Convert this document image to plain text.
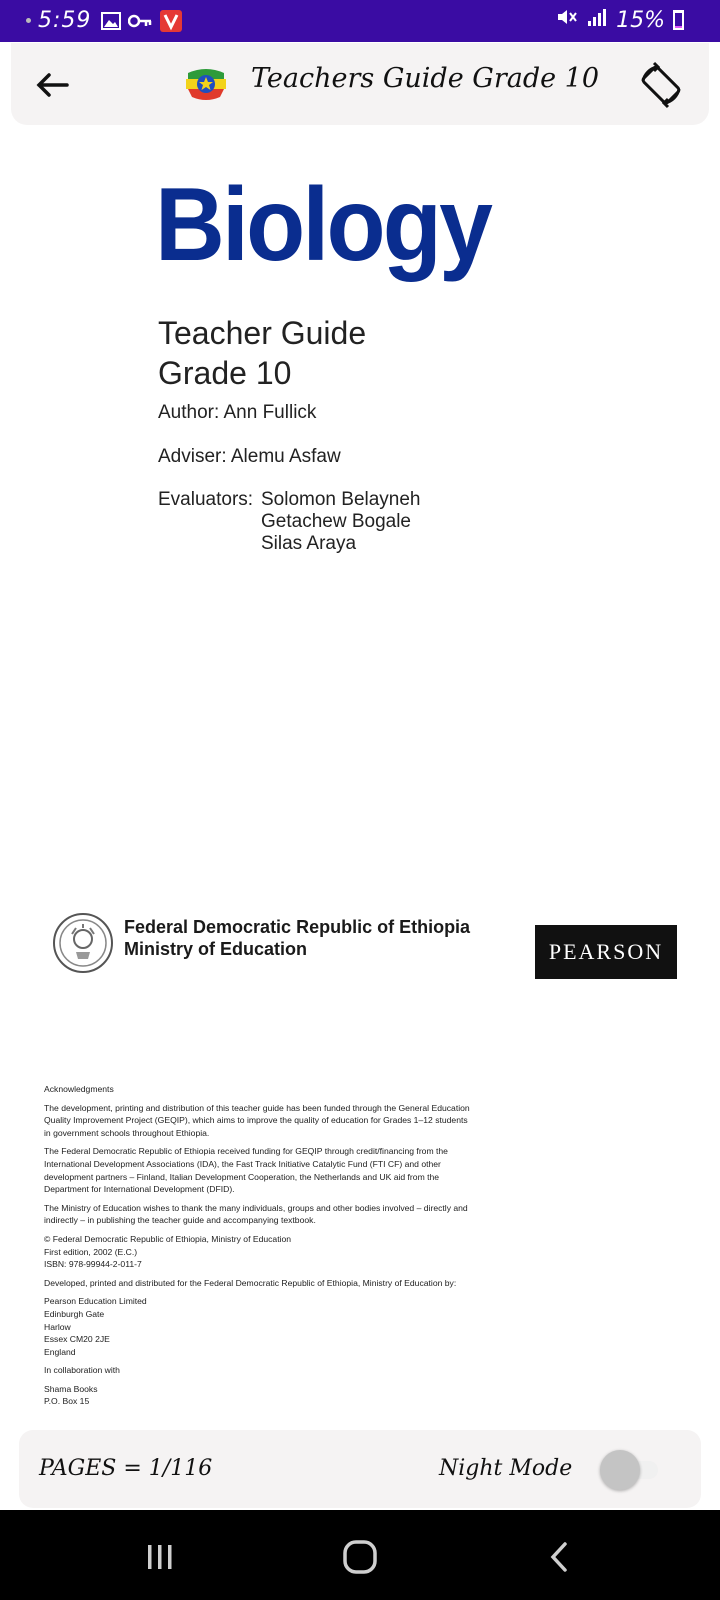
5:59	15%
Teachers Guide Grade 10
Biology
Teacher Guide
Grade 10
Author: Ann Fullick
Adviser: Alemu Asfaw
Evaluators: Solomon Belayneh
Getachew Bogale
Silas Araya
Federal Democratic Republic of Ethiopia
Ministry of Education	PEARSON

Acknowledgments

The development, printing and distribution of this teacher guide has been funded through the General Education
Quality Improvement Project (GEQIP), which aims to improve the quality of education for Grades 1–12 students
in government schools throughout Ethiopia.

The Federal Democratic Republic of Ethiopia received funding for GEQIP through credit/financing from the
International Development Associations (IDA), the Fast Track Initiative Catalytic Fund (FTI CF) and other
development partners – Finland, Italian Development Cooperation, the Netherlands and UK aid from the
Department for International Development (DFID).

The Ministry of Education wishes to thank the many individuals, groups and other bodies involved – directly and
indirectly – in publishing the teacher guide and accompanying textbook.

© Federal Democratic Republic of Ethiopia, Ministry of Education
First edition, 2002 (E.C.)
ISBN: 978-99944-2-011-7

Developed, printed and distributed for the Federal Democratic Republic of Ethiopia, Ministry of Education by:

Pearson Education Limited
Edinburgh Gate
Harlow
Essex CM20 2JE
England

In collaboration with

Shama Books
P.O. Box 15

PAGES = 1/116	Night Mode
